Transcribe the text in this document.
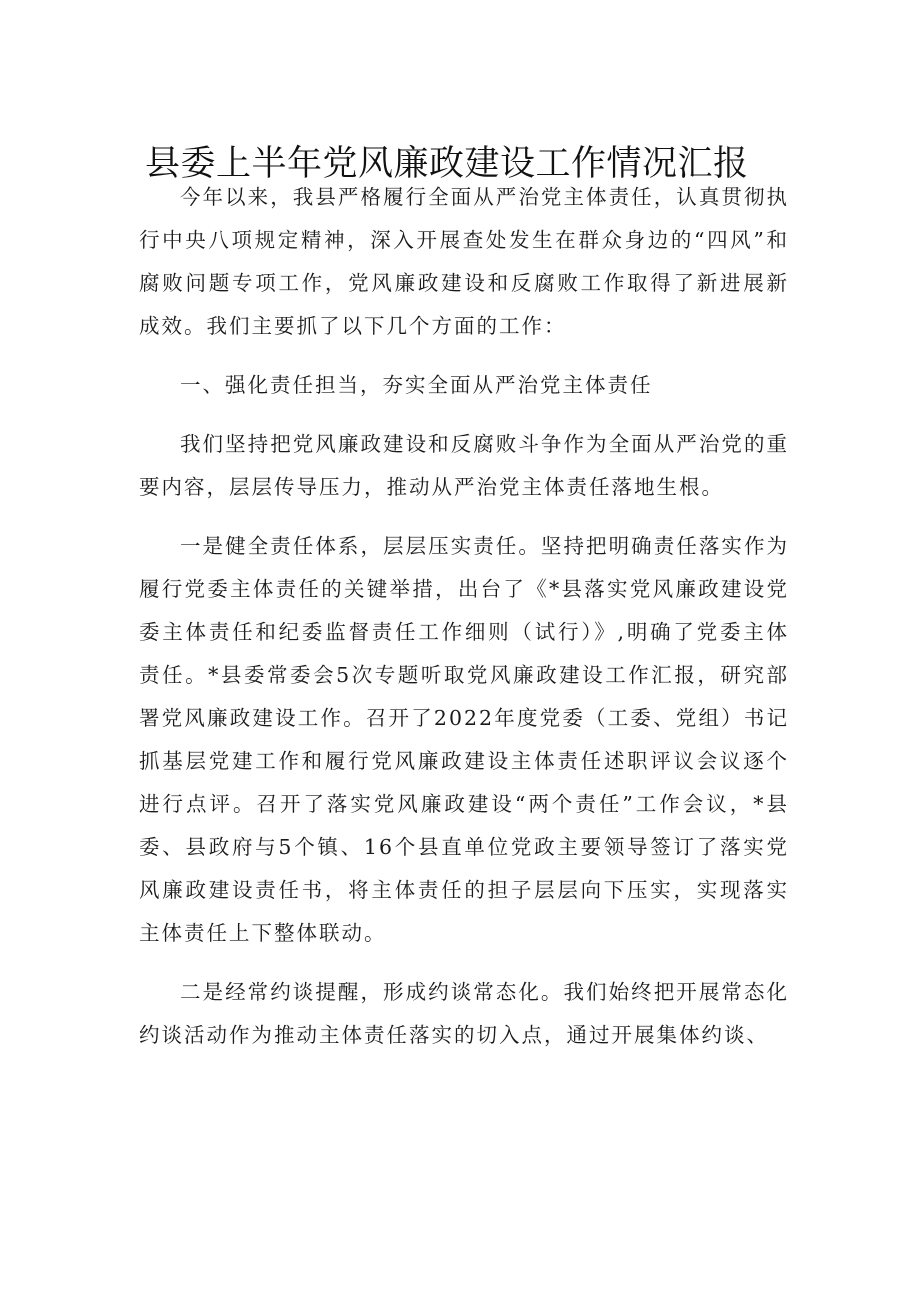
县委上半年党风廉政建设工作情况汇报

今年以来，我县严格履行全面从严治党主体责任，认真贯彻执行中央八项规定精神，深入开展查处发生在群众身边的“四风”和腐败问题专项工作，党风廉政建设和反腐败工作取得了新进展新成效。我们主要抓了以下几个方面的工作：

一、强化责任担当，夯实全面从严治党主体责任

我们坚持把党风廉政建设和反腐败斗争作为全面从严治党的重要内容，层层传导压力，推动从严治党主体责任落地生根。

一是健全责任体系，层层压实责任。坚持把明确责任落实作为履行党委主体责任的关键举措，出台了《*县落实党风廉政建设党委主体责任和纪委监督责任工作细则（试行）》,明确了党委主体责任。*县委常委会5次专题听取党风廉政建设工作汇报，研究部署党风廉政建设工作。召开了2022年度党委（工委、党组）书记抓基层党建工作和履行党风廉政建设主体责任述职评议会议逐个进行点评。召开了落实党风廉政建设“两个责任”工作会议，*县委、县政府与5个镇、16个县直单位党政主要领导签订了落实党风廉政建设责任书，将主体责任的担子层层向下压实，实现落实主体责任上下整体联动。

二是经常约谈提醒，形成约谈常态化。我们始终把开展常态化约谈活动作为推动主体责任落实的切入点，通过开展集体约谈、
